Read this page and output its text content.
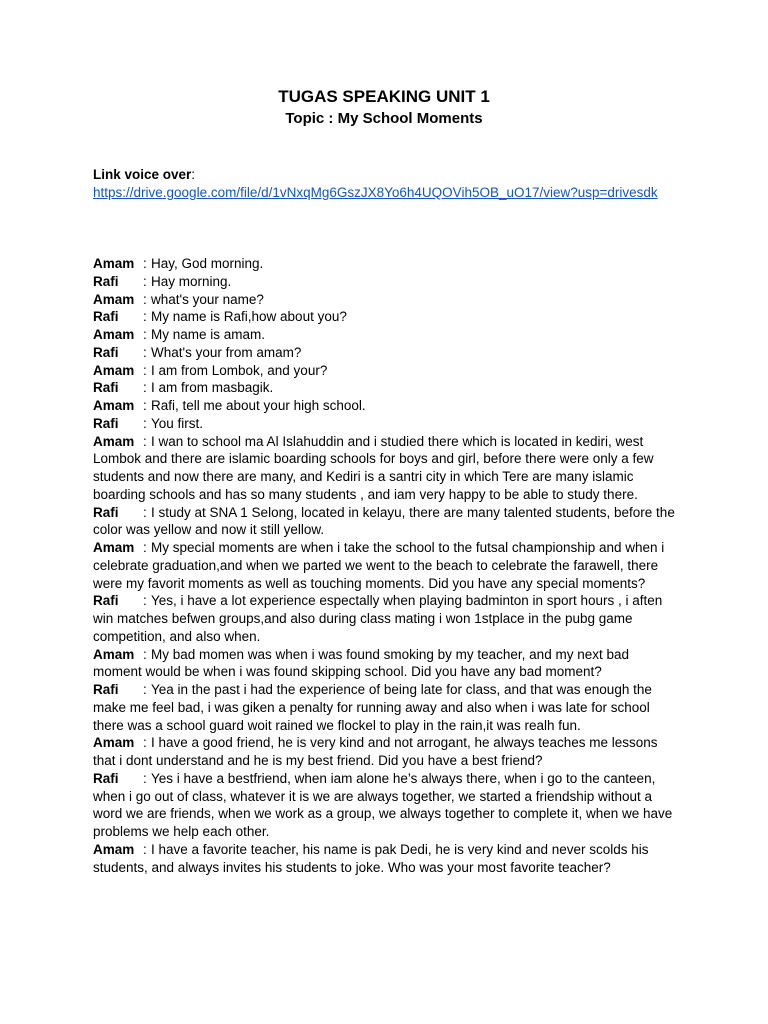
TUGAS SPEAKING UNIT 1
Topic : My School Moments
Link voice over:
https://drive.google.com/file/d/1vNxqMg6GszJX8Yo6h4UQOVih5OB_uO17/view?usp=drivesdk
Amam : Hay, God morning.
Rafi : Hay morning.
Amam : what's your name?
Rafi : My name is Rafi,how about you?
Amam : My name is amam.
Rafi : What's your from amam?
Amam : I am from Lombok, and your?
Rafi : I am from masbagik.
Amam : Rafi, tell me about your high school.
Rafi : You first.
Amam : I wan to school ma Al Islahuddin and i studied there which is located in kediri, west Lombok and there are islamic boarding schools for boys and girl, before there were only a few students and now there are many, and Kediri is a santri city in which Tere are many islamic boarding schools and has so many students , and iam very happy to be able to study there.
Rafi : I study at SNA 1 Selong, located in kelayu, there are many talented students, before the color was yellow and now it still yellow.
Amam : My special moments are when i take the school to the futsal championship and when i celebrate graduation,and when we parted we went to the beach to celebrate the farawell, there were my favorit moments as well as touching moments. Did you have any special moments?
Rafi : Yes, i have a lot experience espectally when playing badminton in sport hours , i aften win matches befwen groups,and also during class mating i won 1stplace in the pubg game competition, and also when.
Amam : My bad momen was when i was found smoking by my teacher, and my next bad moment would be when i was found skipping school. Did you have any bad moment?
Rafi : Yea in the past i had the experience of being late for class, and that was enough the make me feel bad, i was giken a penalty for running away and also when i was late for school there was a school guard woit rained we flockel to play in the rain,it was realh fun.
Amam : I have a good friend, he is very kind and not arrogant, he always teaches me lessons that i dont understand and he is my best friend. Did you have a best friend?
Rafi : Yes i have a bestfriend, when iam alone he’s always there, when i go to the canteen, when i go out of class, whatever it is we are always together, we started a friendship without a word we are friends, when we work as a group, we always together to complete it, when we have problems we help each other.
Amam : I have a favorite teacher, his name is pak Dedi, he is very kind and never scolds his students, and always invites his students to joke. Who was your most favorite teacher?
